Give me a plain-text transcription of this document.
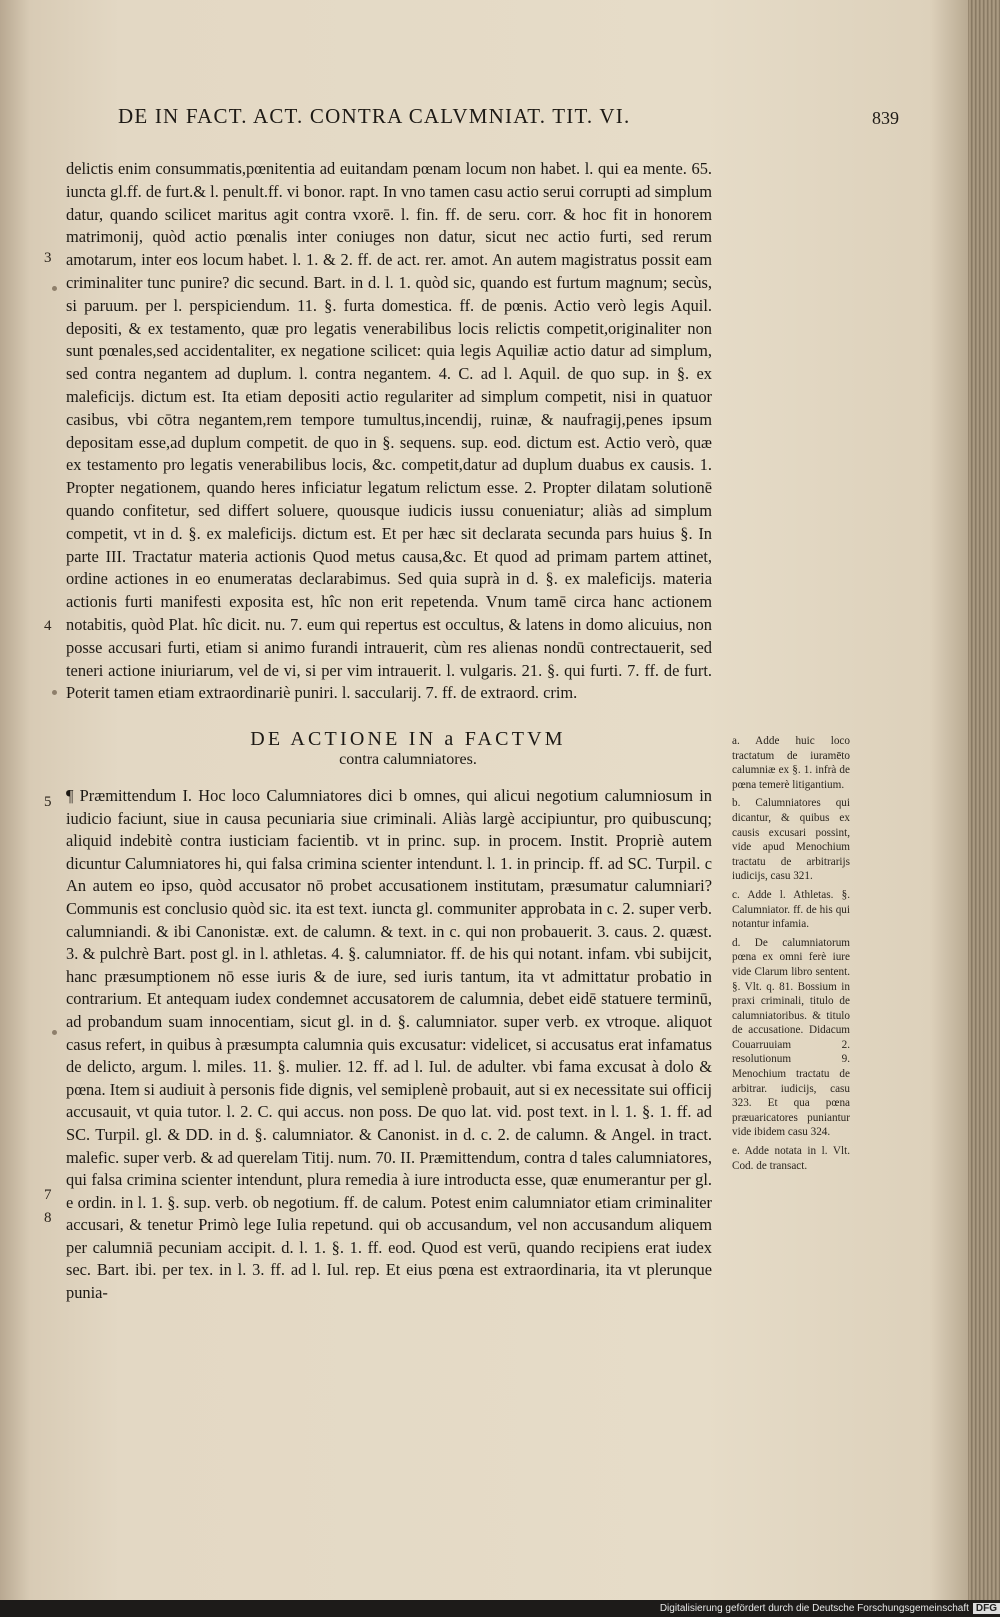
DE IN FACT. ACT. CONTRA CALVMNIAT. TIT. VI.	839

delictis enim consummatis,pœnitentia ad euitandam pœnam locum non habet. l. qui ea mente. 65. iuncta gl.ff. de furt.& l. penult.ff. vi bonor. rapt. In vno tamen casu actio serui corrupti ad simplum datur, quando scilicet maritus agit contra vxorē. l. fin. ff. de seru. corr. & hoc fit in honorem matrimonij, quòd actio pœnalis inter coniuges non datur, sicut nec actio furti, sed rerum amotarum, inter eos locum habet. l. 1. & 2. ff. de act. rer. amot. An autem magistratus possit eam criminaliter tunc punire? dic secund. Bart. in d. l. 1. quòd sic, quando est furtum magnum; secùs, si paruum. per l. perspiciendum. 11. §. furta domestica. ff. de pœnis. Actio verò legis Aquil. depositi, & ex testamento, quæ pro legatis venerabilibus locis relictis competit,originaliter non sunt pœnales,sed accidentaliter, ex negatione scilicet: quia legis Aquiliæ actio datur ad simplum, sed contra negantem ad duplum. l. contra negantem. 4. C. ad l. Aquil. de quo sup. in §. ex maleficijs. dictum est. Ita etiam depositi actio regulariter ad simplum competit, nisi in quatuor casibus, vbi cōtra negantem,rem tempore tumultus,incendij, ruinæ, & naufragij,penes ipsum depositam esse,ad duplum competit. de quo in §. sequens. sup. eod. dictum est. Actio verò, quæ ex testamento pro legatis venerabilibus locis, &c. competit,datur ad duplum duabus ex causis. 1. Propter negationem, quando heres inficiatur legatum relictum esse. 2. Propter dilatam solutionē quando confitetur, sed differt soluere, quousque iudicis iussu conueniatur; aliàs ad simplum competit, vt in d. §. ex maleficijs. dictum est. Et per hæc sit declarata secunda pars huius §. In parte III. Tractatur materia actionis Quod metus causa,&c. Et quod ad primam partem attinet, ordine actiones in eo enumeratas declarabimus. Sed quia suprà in d. §. ex maleficijs. materia actionis furti manifesti exposita est, hîc non erit repetenda. Vnum tamē circa hanc actionem notabitis, quòd Plat. hîc dicit. nu. 7. eum qui repertus est occultus, & latens in domo alicuius, non posse accusari furti, etiam si animo furandi intrauerit, cùm res alienas nondū contrectauerit, sed teneri actione iniuriarum, vel de vi, si per vim intrauerit. l. vulgaris. 21. §. qui furti. 7. ff. de furt. Poterit tamen etiam extraordinariè puniri. l. saccularij. 7. ff. de extraord. crim.

3
4
DE ACTIONE IN a FACTVM
contra calumniatores.
¶ Præmittendum I. Hoc loco Calumniatores dici b omnes, qui alicui negotium calumniosum in iudicio faciunt, siue in causa pecuniaria siue criminali. Aliàs largè accipiuntur, pro quibuscunq; aliquid indebitè contra iusticiam facientib. vt in princ. sup. in procem. Instit. Propriè autem dicuntur Calumniatores hi, qui falsa crimina scienter intendunt. l. 1. in princip. ff. ad SC. Turpil. c An autem eo ipso, quòd accusator nō probet accusationem institutam, præsumatur calumniari? Communis est conclusio quòd sic. ita est text. iuncta gl. communiter approbata in c. 2. super verb. calumniandi. & ibi Canonistæ. ext. de calumn. & text. in c. qui non probauerit. 3. caus. 2. quæst. 3. & pulchrè Bart. post gl. in l. athletas. 4. §. calumniator. ff. de his qui notant. infam. vbi subijcit, hanc præsumptionem nō esse iuris & de iure, sed iuris tantum, ita vt admittatur probatio in contrarium. Et antequam iudex condemnet accusatorem de calumnia, debet eidē statuere terminū, ad probandum suam innocentiam, sicut gl. in d. §. calumniator. super verb. ex vtroque. aliquot casus refert, in quibus à præsumpta calumnia quis excusatur: videlicet, si accusatus erat infamatus de delicto, argum. l. miles. 11. §. mulier. 12. ff. ad l. Iul. de adulter. vbi fama excusat à dolo & pœna. Item si audiuit à personis fide dignis, vel semiplenè probauit, aut si ex necessitate sui officij accusauit, vt quia tutor. l. 2. C. qui accus. non poss. De quo lat. vid. post text. in l. 1. §. 1. ff. ad SC. Turpil. gl. & DD. in d. §. calumniator. & Canonist. in d. c. 2. de calumn. & Angel. in tract. malefic. super verb. & ad querelam Titij. num. 70. II. Præmittendum, contra d tales calumniatores, qui falsa crimina scienter intendunt, plura remedia à iure introducta esse, quæ enumerantur per gl. e ordin. in l. 1. §. sup. verb. ob negotium. ff. de calum. Potest enim calumniator etiam criminaliter accusari, & tenetur Primò lege Iulia repetund. qui ob accusandum, vel non accusandum aliquem per calumniā pecuniam accipit. d. l. 1. §. 1. ff. eod. Quod est verū, quando recipiens erat iudex sec. Bart. ibi. per tex. in l. 3. ff. ad l. Iul. rep. Et eius pœna est extraordinaria, ita vt plerunque punia-
5
7
8

a. Adde huic loco tractatum de iuramēto calumniæ ex §. 1. infrà de pœna temerè litigantium.

b. Calumniatores qui dicantur, & quibus ex causis excusari possint, vide apud Menochium tractatu de arbitrarijs iudicijs, casu 321.

c. Adde l. Athletas. §. Calumniator. ff. de his qui notantur infamia.

d. De calumniatorum pœna ex omni ferè iure vide Clarum libro sentent. §. Vlt. q. 81. Bossium in praxi criminali, titulo de calumniatoribus. & titulo de accusatione. Didacum Couarruuiam 2. resolutionum 9. Menochium tractatu de arbitrar. iudicijs, casu 323. Et qua pœna præuaricatores puniantur vide ibidem casu 324.

e. Adde notata in l. Vlt. Cod. de transact.

Digitalisierung gefördert durch die Deutsche Forschungsgemeinschaft DFG
